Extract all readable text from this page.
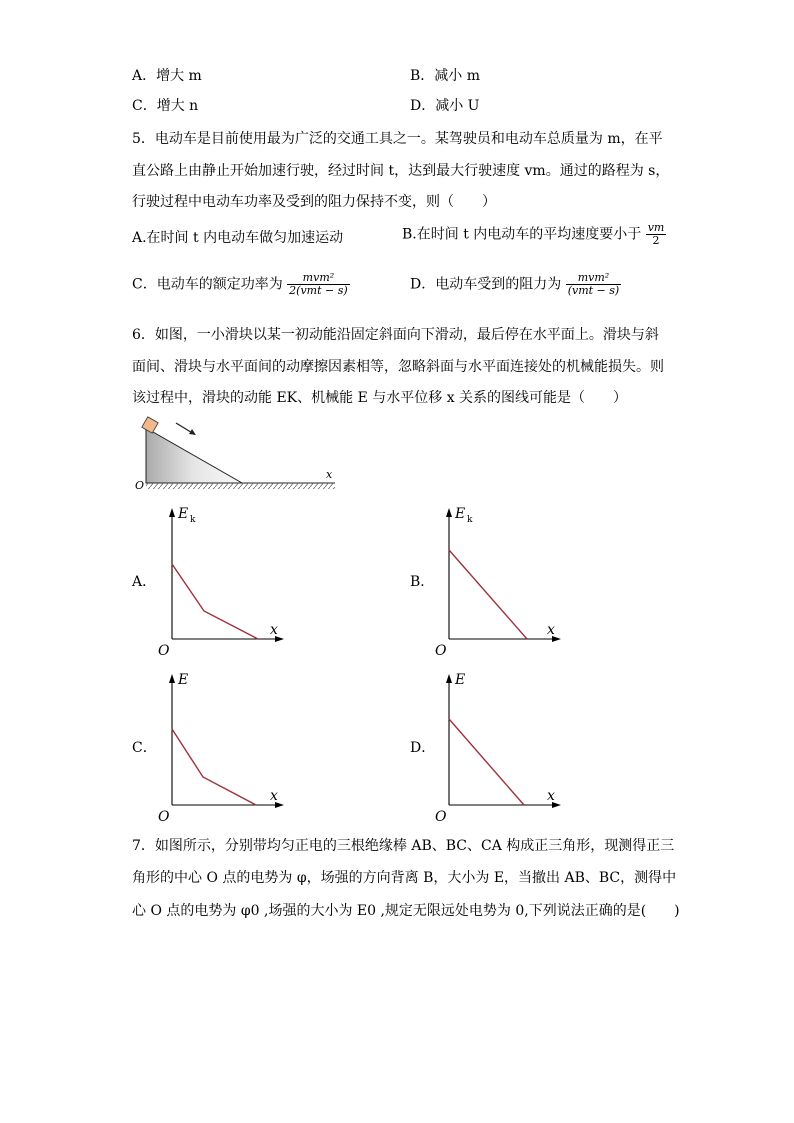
A．增大 m	B．减小 m
C．增大 n	D．减小 U
5．电动车是目前使用最为广泛的交通工具之一。某驾驶员和电动车总质量为 m，在平
直公路上由静止开始加速行驶，经过时间 t，达到最大行驶速度 vm。通过的路程为 s，
行驶过程中电动车功率及受到的阻力保持不变，则（　　）
A.在时间 t 内电动车做匀加速运动	B.在时间 t 内电动车的平均速度要小于 $\frac{vm}{2}$
C．电动车的额定功率为 $\frac{\text{mvm²}}{\text{2(vmt − s)}}$	D．电动车受到的阻力为 $\frac{\text{mvm²}}{\text{(vmt − s)}}$
6．如图，一小滑块以某一初动能沿固定斜面向下滑动，最后停在水平面上。滑块与斜
面间、滑块与水平面间的动摩擦因素相等，忽略斜面与水平面连接处的机械能损失。则
该过程中，滑块的动能 EK、机械能 E 与水平位移 x 关系的图线可能是（　　）
O
x
A．
E k
x
O
B．
E k
x
O
C．
E
x
O
D．
E
x
O
7．如图所示，分别带均匀正电的三根绝缘棒 AB、BC、CA 构成正三角形，现测得正三
角形的中心 O 点的电势为 φ，场强的方向背离 B，大小为 E，当撤出 AB、BC，测得中
心 O 点的电势为 φ0 ,场强的大小为 E0 ,规定无限远处电势为 0,下列说法正确的是(　　)
